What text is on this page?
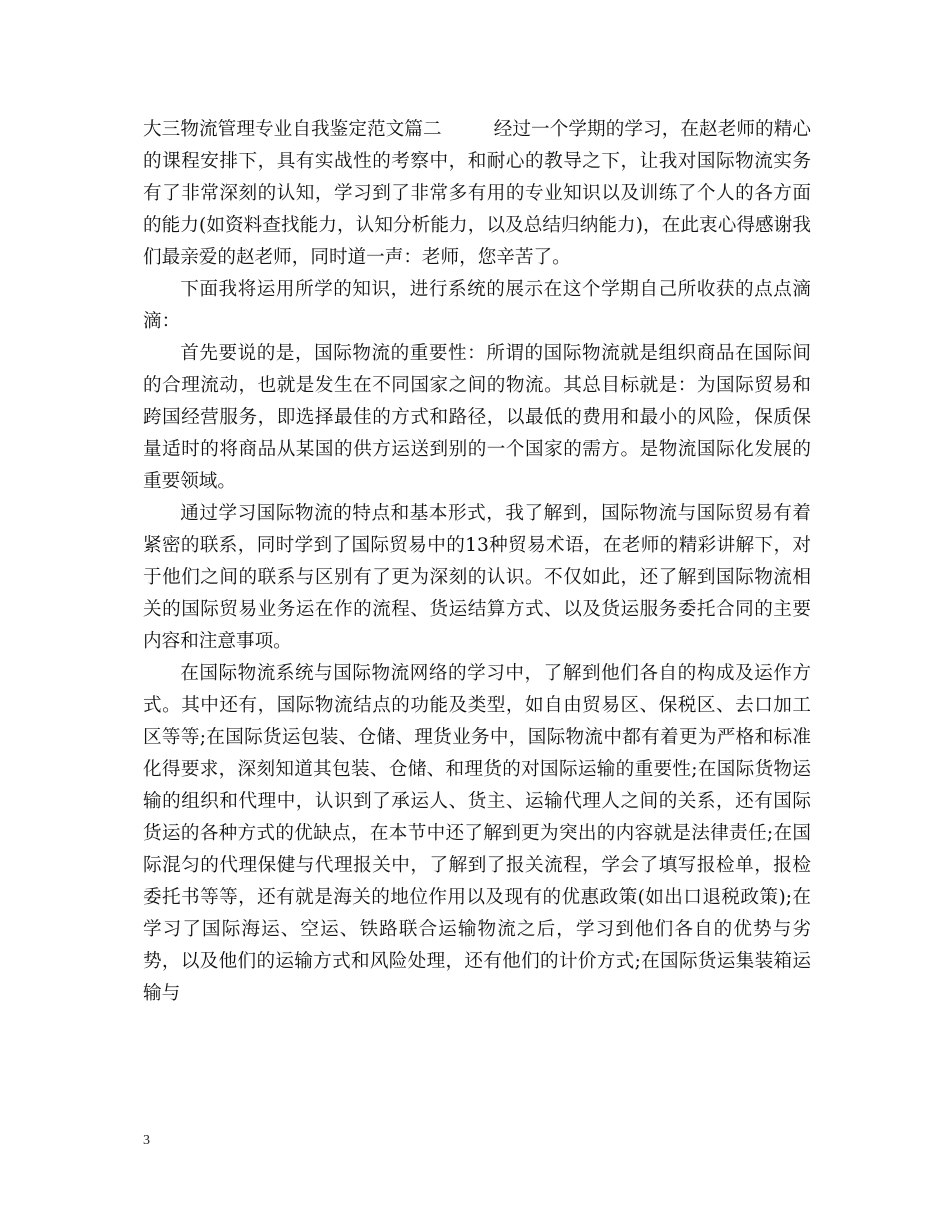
大三物流管理专业自我鉴定范文篇二	经过一个学期的学习，在赵老师的精心的课程安排下，具有实战性的考察中，和耐心的教导之下，让我对国际物流实务有了非常深刻的认知，学习到了非常多有用的专业知识以及训练了个人的各方面的能力(如资料查找能力，认知分析能力，以及总结归纳能力)，在此衷心得感谢我们最亲爱的赵老师，同时道一声：老师，您辛苦了。

下面我将运用所学的知识，进行系统的展示在这个学期自己所收获的点点滴滴：

首先要说的是，国际物流的重要性：所谓的国际物流就是组织商品在国际间的合理流动，也就是发生在不同国家之间的物流。其总目标就是：为国际贸易和跨国经营服务，即选择最佳的方式和路径，以最低的费用和最小的风险，保质保量适时的将商品从某国的供方运送到别的一个国家的需方。是物流国际化发展的重要领域。

通过学习国际物流的特点和基本形式，我了解到，国际物流与国际贸易有着紧密的联系，同时学到了国际贸易中的13种贸易术语，在老师的精彩讲解下，对于他们之间的联系与区别有了更为深刻的认识。不仅如此，还了解到国际物流相关的国际贸易业务运在作的流程、货运结算方式、以及货运服务委托合同的主要内容和注意事项。

在国际物流系统与国际物流网络的学习中，了解到他们各自的构成及运作方式。其中还有，国际物流结点的功能及类型，如自由贸易区、保税区、去口加工区等等;在国际货运包装、仓储、理货业务中，国际物流中都有着更为严格和标准化得要求，深刻知道其包装、仓储、和理货的对国际运输的重要性;在国际货物运输的组织和代理中，认识到了承运人、货主、运输代理人之间的关系，还有国际货运的各种方式的优缺点，在本节中还了解到更为突出的内容就是法律责任;在国际混匀的代理保健与代理报关中，了解到了报关流程，学会了填写报检单，报检委托书等等，还有就是海关的地位作用以及现有的优惠政策(如出口退税政策);在学习了国际海运、空运、铁路联合运输物流之后，学习到他们各自的优势与劣势，以及他们的运输方式和风险处理，还有他们的计价方式;在国际货运集装箱运输与

3
